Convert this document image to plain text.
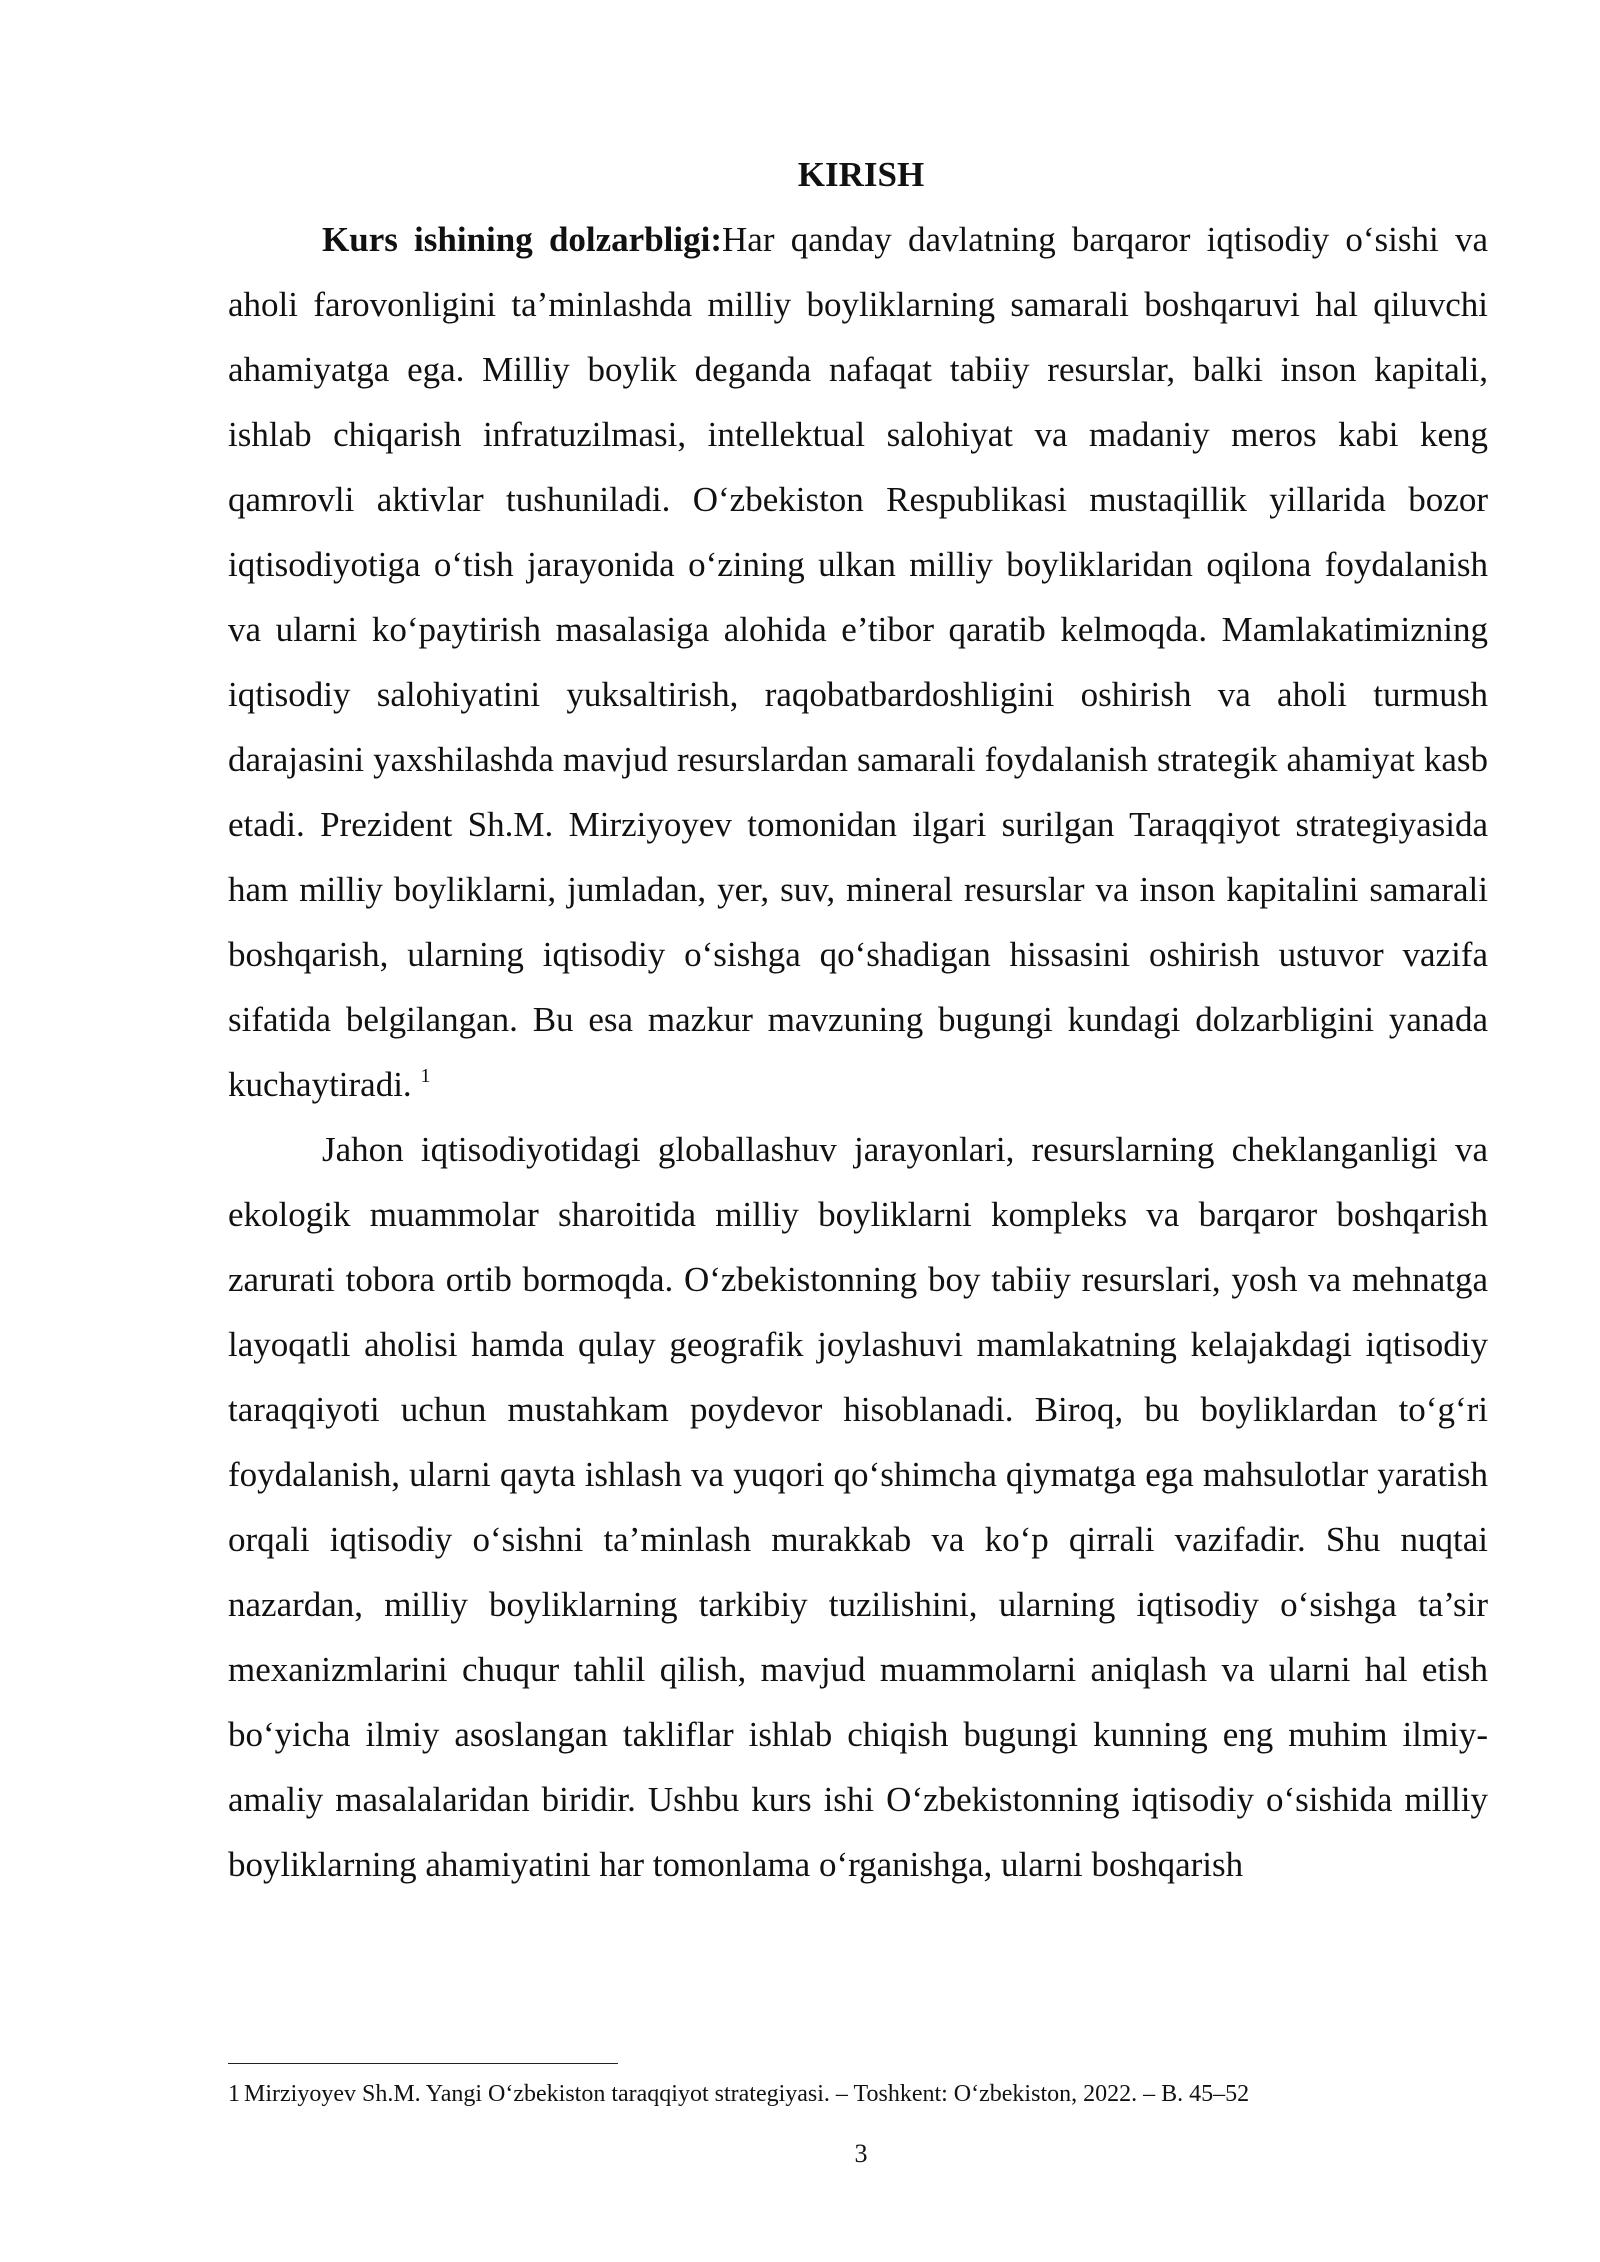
KIRISH

Kurs ishining dolzarbligi:Har qanday davlatning barqaror iqtisodiy o‘sishi va aholi farovonligini ta’minlashda milliy boyliklarning samarali boshqaruvi hal qiluvchi ahamiyatga ega. Milliy boylik deganda nafaqat tabiiy resurslar, balki inson kapitali, ishlab chiqarish infratuzilmasi, intellektual salohiyat va madaniy meros kabi keng qamrovli aktivlar tushuniladi. O‘zbekiston Respublikasi mustaqillik yillarida bozor iqtisodiyotiga o‘tish jarayonida o‘zining ulkan milliy boyliklaridan oqilona foydalanish va ularni ko‘paytirish masalasiga alohida e’tibor qaratib kelmoqda. Mamlakatimizning iqtisodiy salohiyatini yuksaltirish, raqobatbardoshligini oshirish va aholi turmush darajasini yaxshilashda mavjud resurslardan samarali foydalanish strategik ahamiyat kasb etadi. Prezident Sh.M. Mirziyoyev tomonidan ilgari surilgan Taraqqiyot strategiyasida ham milliy boyliklarni, jumladan, yer, suv, mineral resurslar va inson kapitalini samarali boshqarish, ularning iqtisodiy o‘sishga qo‘shadigan hissasini oshirish ustuvor vazifa sifatida belgilangan. Bu esa mazkur mavzuning bugungi kundagi dolzarbligini yanada kuchaytiradi. $^1$

Jahon iqtisodiyotidagi globallashuv jarayonlari, resurslarning cheklanganligi va ekologik muammolar sharoitida milliy boyliklarni kompleks va barqaror boshqarish zarurati tobora ortib bormoqda. O‘zbekistonning boy tabiiy resurslari, yosh va mehnatga layoqatli aholisi hamda qulay geografik joylashuvi mamlakatning kelajakdagi iqtisodiy taraqqiyoti uchun mustahkam poydevor hisoblanadi. Biroq, bu boyliklardan to‘g‘ri foydalanish, ularni qayta ishlash va yuqori qo‘shimcha qiymatga ega mahsulotlar yaratish orqali iqtisodiy o‘sishni ta’minlash murakkab va ko‘p qirrali vazifadir. Shu nuqtai nazardan, milliy boyliklarning tarkibiy tuzilishini, ularning iqtisodiy o‘sishga ta’sir mexanizmlarini chuqur tahlil qilish, mavjud muammolarni aniqlash va ularni hal etish bo‘yicha ilmiy asoslangan takliflar ishlab chiqish bugungi kunning eng muhim ilmiy-amaliy masalalaridan biridir. Ushbu kurs ishi O‘zbekistonning iqtisodiy o‘sishida milliy boyliklarning ahamiyatini har tomonlama o‘rganishga, ularni boshqarish

1 Mirziyoyev Sh.M. Yangi O‘zbekiston taraqqiyot strategiyasi. – Toshkent: O‘zbekiston, 2022. – B. 45–52
3
